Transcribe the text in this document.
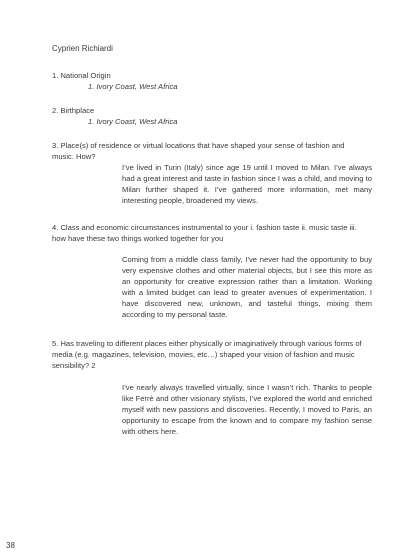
Cyprien Richiardi
1. National Origin
1. Ivory Coast, West Africa
2. Birthplace
1. Ivory Coast, West Africa
3. Place(s) of residence or virtual locations that have shaped your sense of fashion and music. How?
I’ve lived in Turin (Italy) since age 19 until I moved to Milan. I’ve always had a great interest and taste in fashion since I was a child, and moving to Milan further shaped it. I’ve gathered more information, met many interesting people, broadened my views.
4. Class and economic circumstances instrumental to your i. fashion taste ii. music taste iii. how have these two things worked together for you
Coming from a middle class family, I’ve never had the opportunity to buy very expensive clothes and other material objects, but I see this more as an opportunity for creative expression rather than a limitation. Working with a limited budget can lead to greater avenues of experimentation. I have discovered new, unknown, and tasteful things, mixing them according to my personal taste.
5. Has traveling to different places either physically or imaginatively through various forms of media (e.g. magazines, television, movies, etc…) shaped your vision of fashion and music sensibility? 2
I’ve nearly always travelled virtually, since I wasn’t rich. Thanks to people like Ferrè and other visionary stylists, I’ve explored the world and enriched myself with new passions and discoveries. Recently, I moved to Paris, an opportunity to escape from the known and to compare my fashion sense with others here.
38
